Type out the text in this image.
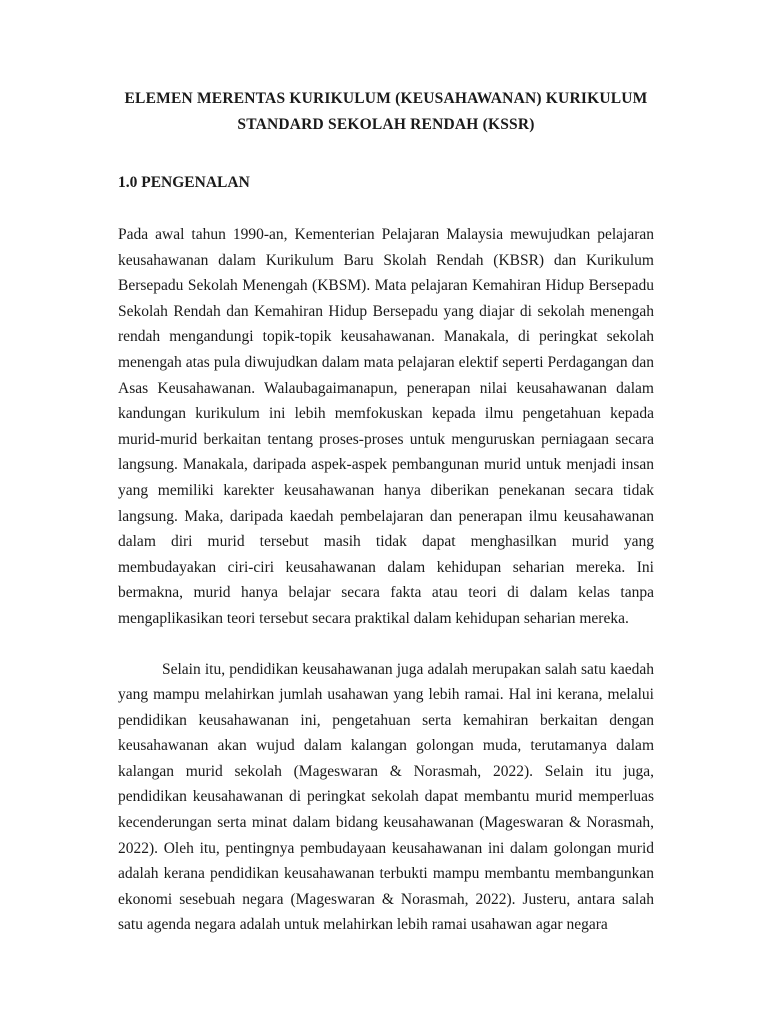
ELEMEN MERENTAS KURIKULUM (KEUSAHAWANAN) KURIKULUM
STANDARD SEKOLAH RENDAH (KSSR)

1.0 PENGENALAN

Pada awal tahun 1990-an, Kementerian Pelajaran Malaysia mewujudkan pelajaran keusahawanan dalam Kurikulum Baru Skolah Rendah (KBSR) dan Kurikulum Bersepadu Sekolah Menengah (KBSM). Mata pelajaran Kemahiran Hidup Bersepadu Sekolah Rendah dan Kemahiran Hidup Bersepadu yang diajar di sekolah menengah rendah mengandungi topik-topik keusahawanan. Manakala, di peringkat sekolah menengah atas pula diwujudkan dalam mata pelajaran elektif seperti Perdagangan dan Asas Keusahawanan. Walaubagaimanapun, penerapan nilai keusahawanan dalam kandungan kurikulum ini lebih memfokuskan kepada ilmu pengetahuan kepada murid-murid berkaitan tentang proses-proses untuk menguruskan perniagaan secara langsung. Manakala, daripada aspek-aspek pembangunan murid untuk menjadi insan yang memiliki karekter keusahawanan hanya diberikan penekanan secara tidak langsung. Maka, daripada kaedah pembelajaran dan penerapan ilmu keusahawanan dalam diri murid tersebut masih tidak dapat menghasilkan murid yang membudayakan ciri-ciri keusahawanan dalam kehidupan seharian mereka. Ini bermakna, murid hanya belajar secara fakta atau teori di dalam kelas tanpa mengaplikasikan teori tersebut secara praktikal dalam kehidupan seharian mereka.

Selain itu, pendidikan keusahawanan juga adalah merupakan salah satu kaedah yang mampu melahirkan jumlah usahawan yang lebih ramai. Hal ini kerana, melalui pendidikan keusahawanan ini, pengetahuan serta kemahiran berkaitan dengan keusahawanan akan wujud dalam kalangan golongan muda, terutamanya dalam kalangan murid sekolah (Mageswaran & Norasmah, 2022). Selain itu juga, pendidikan keusahawanan di peringkat sekolah dapat membantu murid memperluas kecenderungan serta minat dalam bidang keusahawanan (Mageswaran & Norasmah, 2022). Oleh itu, pentingnya pembudayaan keusahawanan ini dalam golongan murid adalah kerana pendidikan keusahawanan terbukti mampu membantu membangunkan ekonomi sesebuah negara (Mageswaran & Norasmah, 2022). Justeru, antara salah satu agenda negara adalah untuk melahirkan lebih ramai usahawan agar negara
